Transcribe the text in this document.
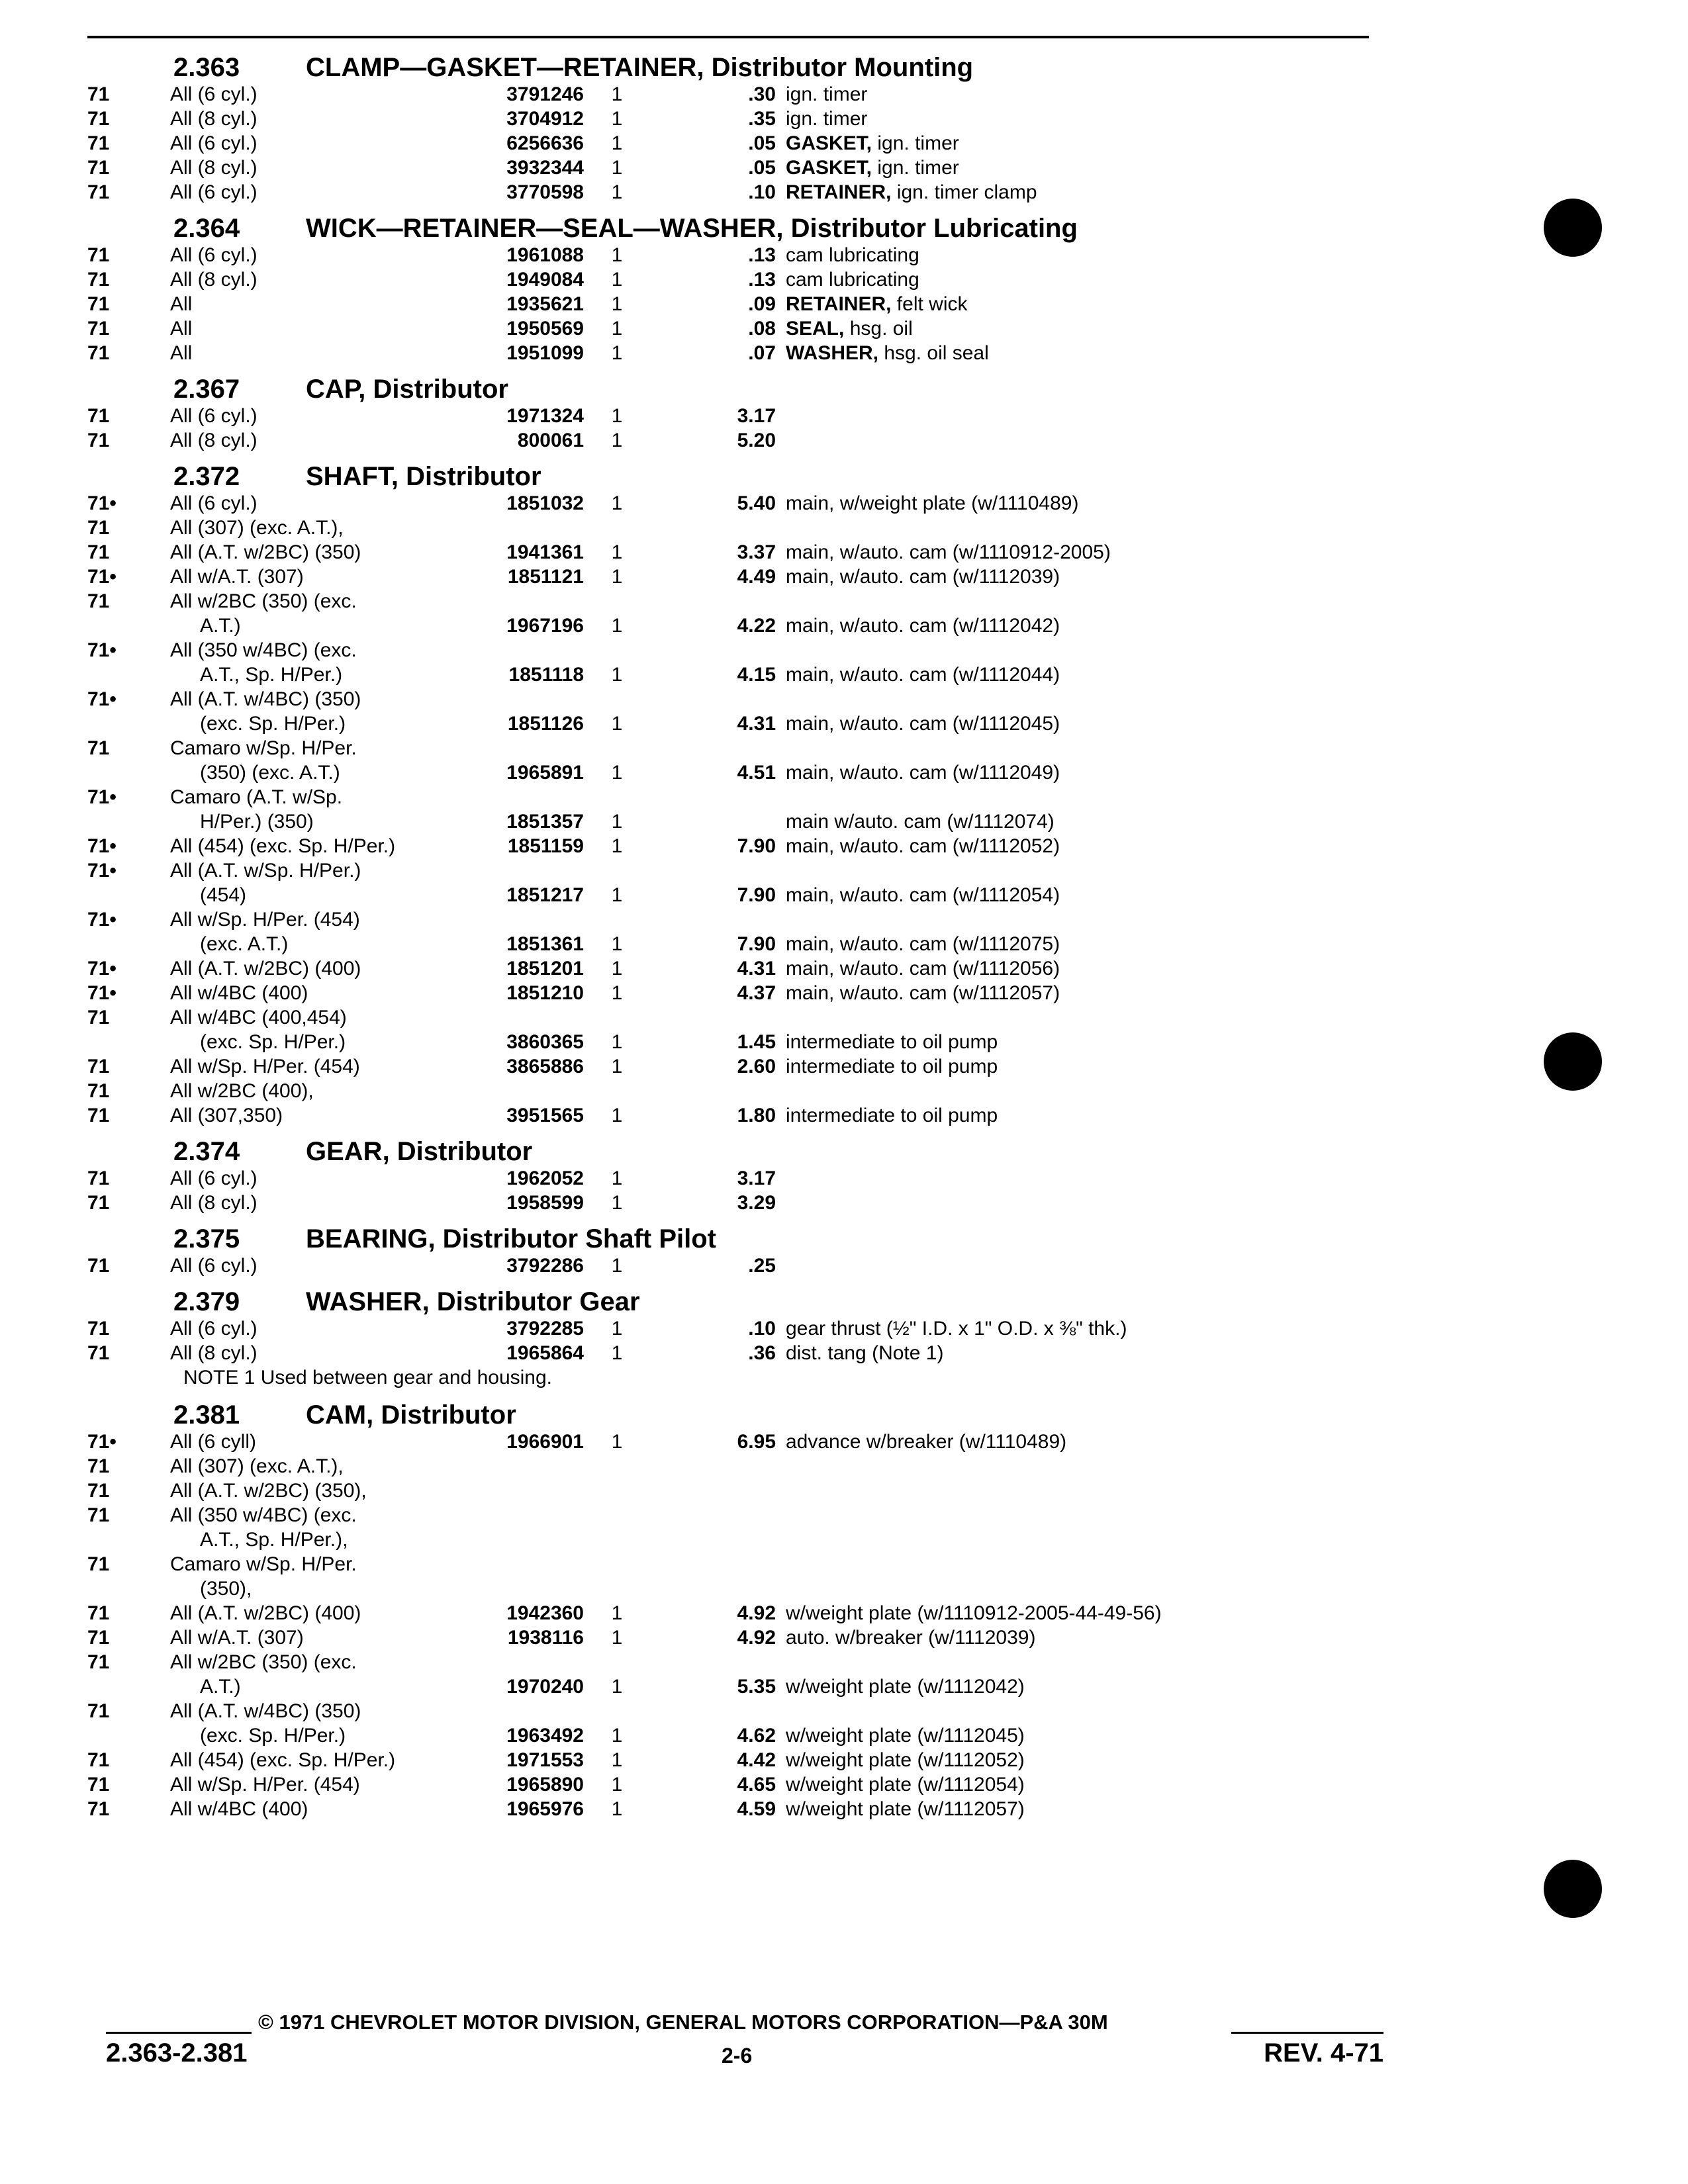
2.363 CLAMP—GASKET—RETAINER, Distributor Mounting
71	All (6 cyl.)	3791246 1	.30 ign. timer
71	All (8 cyl.)	3704912 1	.35 ign. timer
71	All (6 cyl.)	6256636 1	.05 GASKET, ign. timer
71	All (8 cyl.)	3932344 1	.05 GASKET, ign. timer
71	All (6 cyl.)	3770598 1	.10 RETAINER, ign. timer clamp
2.364 WICK—RETAINER—SEAL—WASHER, Distributor Lubricating
71	All (6 cyl.)	1961088 1	.13 cam lubricating
71	All (8 cyl.)	1949084 1	.13 cam lubricating
71	All	1935621 1	.09 RETAINER, felt wick
71	All	1950569 1	.08 SEAL, hsg. oil
71	All	1951099 1	.07 WASHER, hsg. oil seal
2.367 CAP, Distributor
71	All (6 cyl.)	1971324 1	3.17
71	All (8 cyl.)	800061 1	5.20
2.372 SHAFT, Distributor
71•	All (6 cyl.)	1851032 1	5.40 main, w/weight plate (w/1110489)
71	All (307) (exc. A.T.),
71	All (A.T. w/2BC) (350)	1941361 1	3.37 main, w/auto. cam (w/1110912-2005)
71•	All w/A.T. (307)	1851121 1	4.49 main, w/auto. cam (w/1112039)
71	All w/2BC (350) (exc.
A.T.)	1967196 1	4.22 main, w/auto. cam (w/1112042)
71•	All (350 w/4BC) (exc.
A.T., Sp. H/Per.)	1851118 1	4.15 main, w/auto. cam (w/1112044)
71•	All (A.T. w/4BC) (350)
(exc. Sp. H/Per.)	1851126 1	4.31 main, w/auto. cam (w/1112045)
71	Camaro w/Sp. H/Per.
(350) (exc. A.T.)	1965891 1	4.51 main, w/auto. cam (w/1112049)
71•	Camaro (A.T. w/Sp.
H/Per.) (350)	1851357 1	main w/auto. cam (w/1112074)
71•	All (454) (exc. Sp. H/Per.)	1851159 1	7.90 main, w/auto. cam (w/1112052)
71•	All (A.T. w/Sp. H/Per.)
(454)	1851217 1	7.90 main, w/auto. cam (w/1112054)
71•	All w/Sp. H/Per. (454)
(exc. A.T.)	1851361 1	7.90 main, w/auto. cam (w/1112075)
71•	All (A.T. w/2BC) (400)	1851201 1	4.31 main, w/auto. cam (w/1112056)
71•	All w/4BC (400)	1851210 1	4.37 main, w/auto. cam (w/1112057)
71	All w/4BC (400,454)
(exc. Sp. H/Per.)	3860365 1	1.45 intermediate to oil pump
71	All w/Sp. H/Per. (454)	3865886 1	2.60 intermediate to oil pump
71	All w/2BC (400),
71	All (307,350)	3951565 1	1.80 intermediate to oil pump
2.374 GEAR, Distributor
71	All (6 cyl.)	1962052 1	3.17
71	All (8 cyl.)	1958599 1	3.29
2.375 BEARING, Distributor Shaft Pilot
71	All (6 cyl.)	3792286 1	.25
2.379 WASHER, Distributor Gear
71	All (6 cyl.)	3792285 1	.10 gear thrust (½" I.D. x 1" O.D. x ⅜" thk.)
71	All (8 cyl.)	1965864 1	.36 dist. tang (Note 1)
NOTE 1 Used between gear and housing.
2.381 CAM, Distributor
71•	All (6 cyll)	1966901 1	6.95 advance w/breaker (w/1110489)
71	All (307) (exc. A.T.),
71	All (A.T. w/2BC) (350),
71	All (350 w/4BC) (exc.
A.T., Sp. H/Per.),
71	Camaro w/Sp. H/Per.
(350),
71	All (A.T. w/2BC) (400)	1942360 1	4.92 w/weight plate (w/1110912-2005-44-49-56)
71	All w/A.T. (307)	1938116 1	4.92 auto. w/breaker (w/1112039)
71	All w/2BC (350) (exc.
A.T.)	1970240 1	5.35 w/weight plate (w/1112042)
71	All (A.T. w/4BC) (350)
(exc. Sp. H/Per.)	1963492 1	4.62 w/weight plate (w/1112045)
71	All (454) (exc. Sp. H/Per.)	1971553 1	4.42 w/weight plate (w/1112052)
71	All w/Sp. H/Per. (454)	1965890 1	4.65 w/weight plate (w/1112054)
71	All w/4BC (400)	1965976 1	4.59 w/weight plate (w/1112057)
© 1971 CHEVROLET MOTOR DIVISION, GENERAL MOTORS CORPORATION—P&A 30M
2.363-2.381	2-6	REV. 4-71
